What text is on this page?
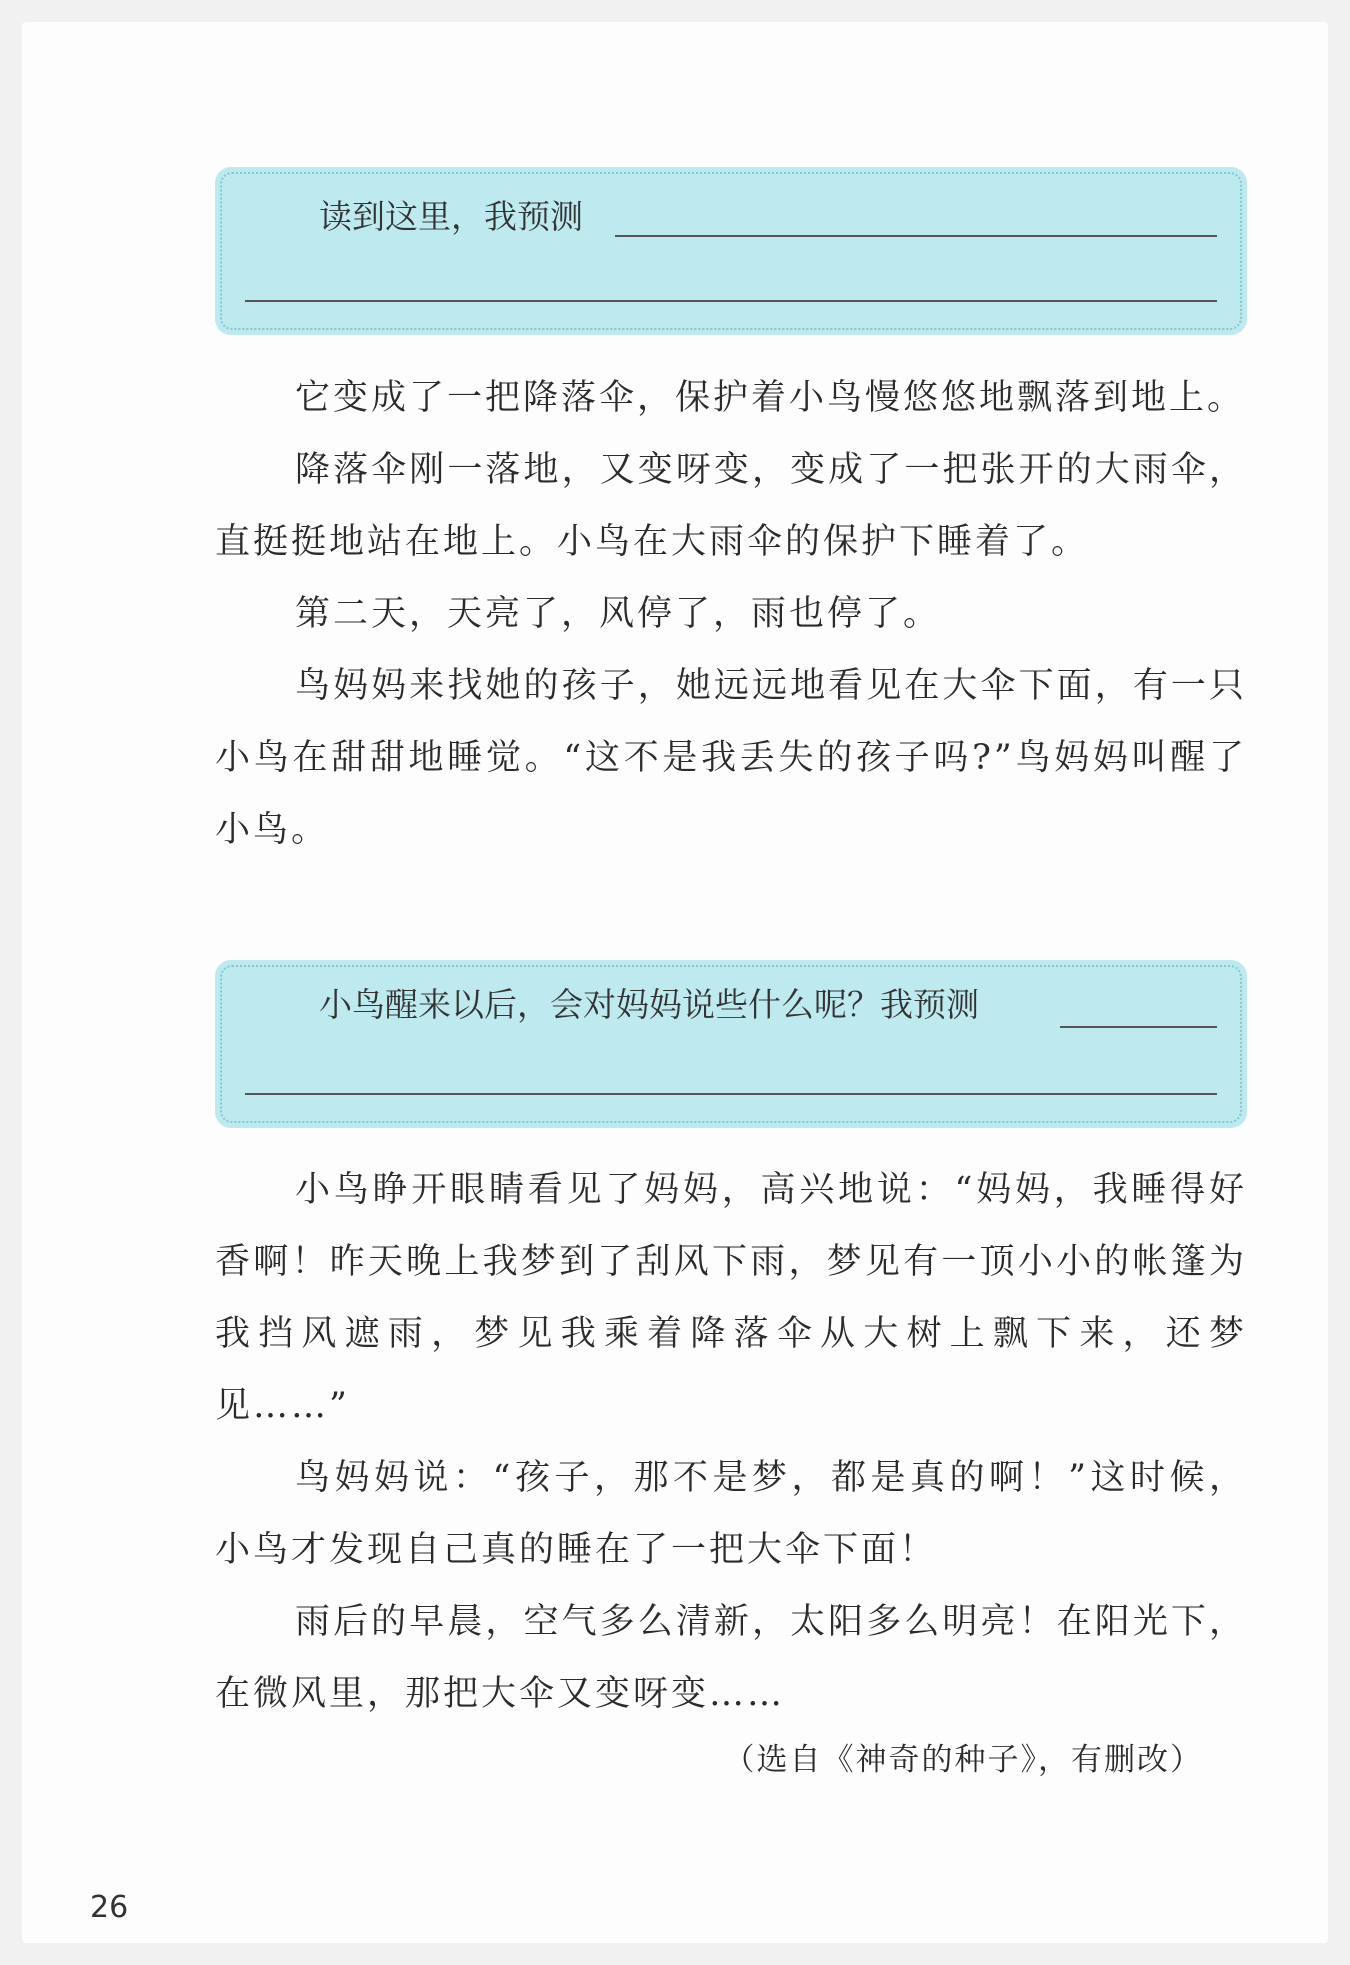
读到这里，我预测

它变成了一把降落伞，保护着小鸟慢悠悠地飘落到地上。

降落伞刚一落地，又变呀变，变成了一把张开的大雨伞，直挺挺地站在地上。小鸟在大雨伞的保护下睡着了。

第二天，天亮了，风停了，雨也停了。

鸟妈妈来找她的孩子，她远远地看见在大伞下面，有一只小鸟在甜甜地睡觉。“这不是我丢失的孩子吗?”鸟妈妈叫醒了小鸟。

小鸟醒来以后，会对妈妈说些什么呢？我预测

小鸟睁开眼睛看见了妈妈，高兴地说：“妈妈，我睡得好香啊！昨天晚上我梦到了刮风下雨，梦见有一顶小小的帐篷为我挡风遮雨，梦见我乘着降落伞从大树上飘下来，还梦见……”

鸟妈妈说：“孩子，那不是梦，都是真的啊！”这时候，小鸟才发现自己真的睡在了一把大伞下面！

雨后的早晨，空气多么清新，太阳多么明亮！在阳光下，在微风里，那把大伞又变呀变……

（选自《神奇的种子》，有删改）
26
